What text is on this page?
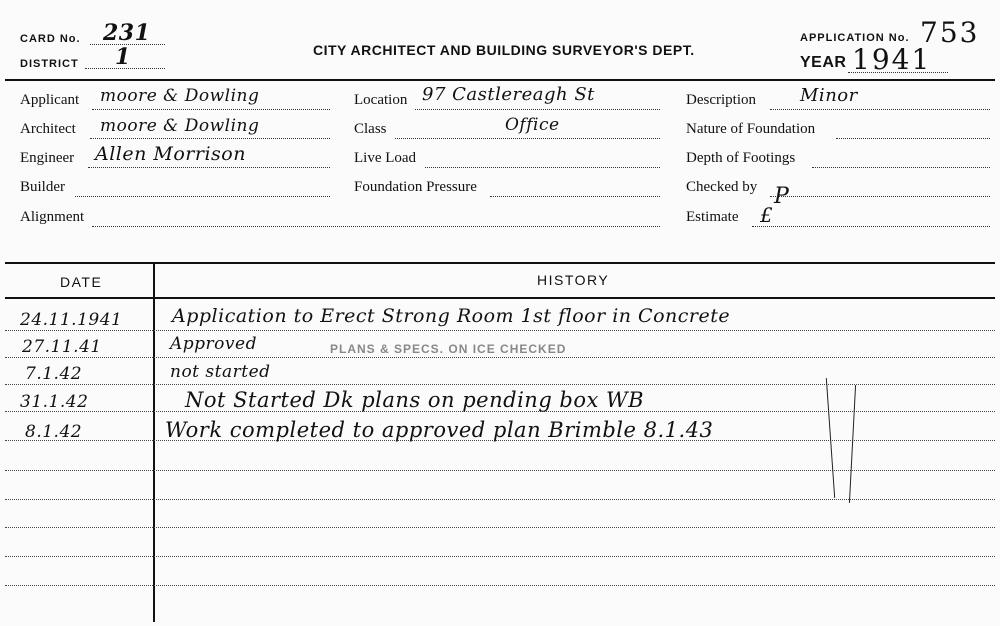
CARD No. 231
DISTRICT 1	CITY ARCHITECT AND BUILDING SURVEYOR'S DEPT.
APPLICATION No. 753
YEAR 1941
Applicant moore & Dowling
Architect moore & Dowling
Engineer Allen Morrison
Builder
Alignment
Location 97 Castlereagh St
Class	Office
Live Load
Foundation Pressure
Description Minor
Nature of Foundation
Depth of Footings
Checked by P
Estimate £
DATE	HISTORY
24.11.1941	Application to Erect Strong Room 1st floor in Concrete
27.11.41	Approved	PLANS & SPECS. ON ICE CHECKED
7.1.42	not started
31.1.42	Not Started Dk plans on pending box WB
8.1.42	Work completed to approved plan Brimble 8.1.43
